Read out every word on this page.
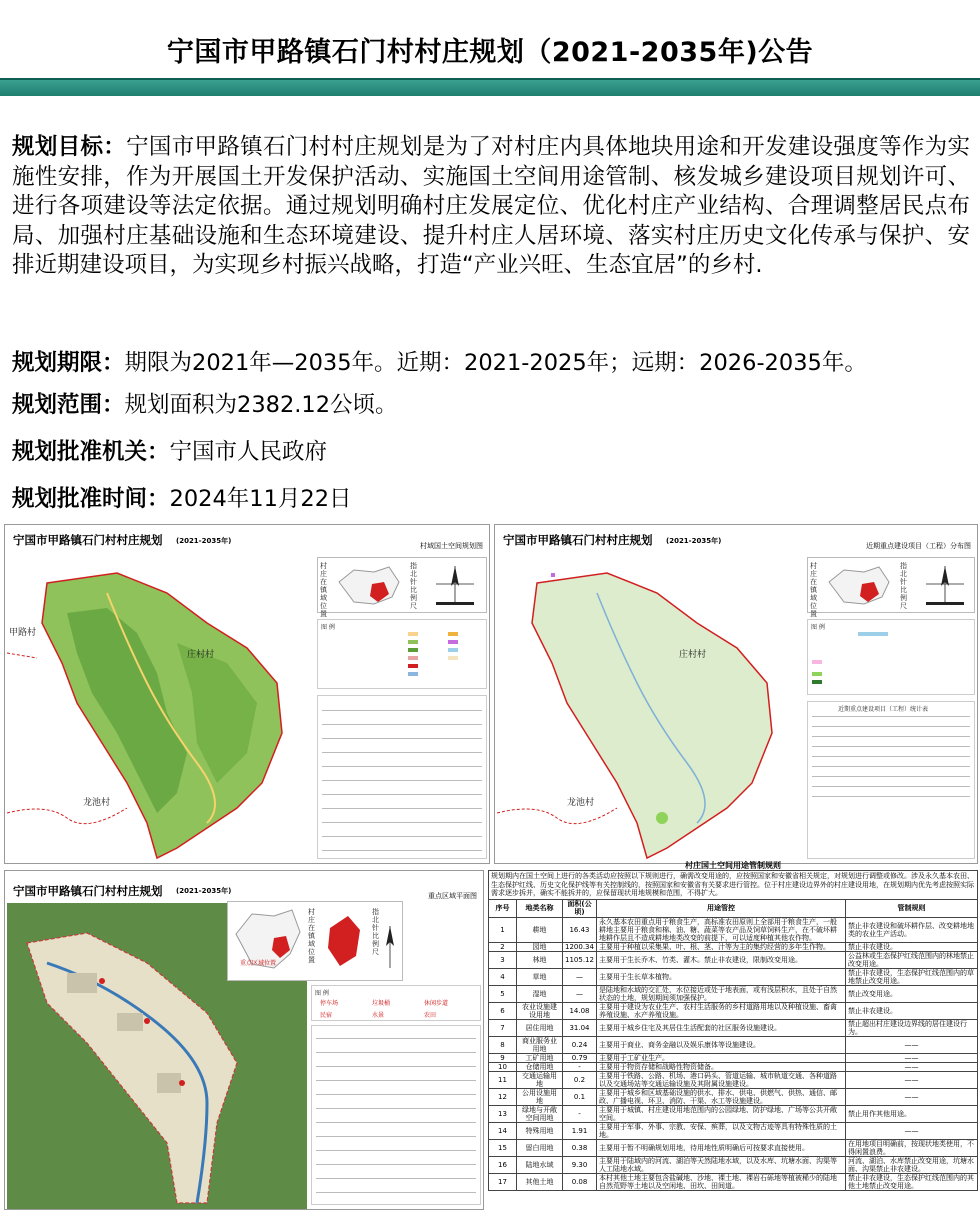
宁国市甲路镇石门村村庄规划（2021-2035年)公告
规划目标：宁国市甲路镇石门村村庄规划是为了对村庄内具体地块用途和开发建设强度等作为实施性安排，作为开展国土开发保护活动、实施国土空间用途管制、核发城乡建设项目规划许可、进行各项建设等法定依据。通过规划明确村庄发展定位、优化村庄产业结构、合理调整居民点布局、加强村庄基础设施和生态环境建设、提升村庄人居环境、落实村庄历史文化传承与保护、安排近期建设项目，为实现乡村振兴战略，打造“产业兴旺、生态宜居”的乡村.
规划期限：期限为2021年—2035年。近期：2021-2025年；远期：2026-2035年。
规划范围：规划面积为2382.12公顷。
规划批准机关：宁国市人民政府
规划批准时间：2024年11月22日
宁国市甲路镇石门村村庄规划 (2021-2035年)
村域国土空间规划图
甲路村
庄村村
龙池村
村庄在镇域位置
指北针比例尺
图 例
宁国市甲路镇石门村村庄规划 (2021-2035年)
近期重点建设项目（工程）分布图
庄村村
龙池村
村庄在镇域位置
指北针比例尺
图 例
近期重点建设项目（工程）统计表
宁国市甲路镇石门村村庄规划 (2021-2035年)
重点区域平面图
重点区域位置
村庄在镇域位置
指北针比例尺
图 例
停车场	垃圾桶	休闲步道
民宿	水景	农田
村庄国土空间用途管制规则
规划期内在国土空间上进行的各类活动应按照以下规则进行，确需改变用途的，应按照国家和安徽省相关规定，对规划进行调整或修改。涉及永久基本农田、生态保护红线、历史文化保护线等有关控制线的，按照国家和安徽省有关要求进行管控。位于村庄建设边界外的村庄建设用地，在规划期内优先考虑按照实际需求逐步拆并，确实不能拆并的，应保留现状用地规模和范围，不得扩大。
序号	地类名称	面积(公顷)	用途管控	管制规则
1	耕地	16.43	永久基本农田重点用于粮食生产，高标准农田原则上全部用于粮食生产，一般耕地主要用于粮食和棉、油、糖、蔬菜等农产品及饲草饲料生产，在不破坏耕地耕作层且不造成耕地地类改变的前提下，可以适度种植其他农作物。	禁止非农建设和破坏耕作层、改变耕地地类的农业生产活动。
2	园地	1200.34	主要用于种植以采集果、叶、根、茎、汁等为主的集约经营的多年生作物。	禁止非农建设。
3	林地	1105.12	主要用于生长乔木、竹类、灌木。禁止非农建设，限制改变用途。	公益林或生态保护红线范围内的林地禁止改变用途。
4	草地	—	主要用于生长草本植物。	禁止非农建设，生态保护红线范围内的草地禁止改变用途。
5	湿地	—	是陆地和水域的交汇处，水位接近或处于地表面，或有浅层积水，且处于自然状态的土地，规划期间须加强保护。	禁止改变用途。
6	农业设施建设用地	14.08	主要用于建设为农业生产、农村生活服务的乡村道路用地以及种植设施、畜禽养殖设施、水产养殖设施。	禁止非农建设。
7	居住用地	31.04	主要用于城乡住宅及其居住生活配套的社区服务设施建设。	禁止超出村庄建设边界线的居住建设行为。
8	商业服务业用地	0.24	主要用于商业、商务金融以及娱乐康体等设施建设。	——
9	工矿用地	0.79	主要用于工矿业生产。	——
10	仓储用地	-	主要用于物资存储和战略性物资储备。	——
11	交通运输用地	0.2	主要用于铁路、公路、机场、港口码头、管道运输、城市轨道交通、各种道路以及交通场站等交通运输设施及其附属设施建设。	——
12	公用设施用地	0.1	主要用于城乡和区域基础设施的供水、排水、供电、供燃气、供热、通信、邮政、广播电视、环卫、消防、干渠、水工等设施建设。	——
13	绿地与开敞空间用地	-	主要用于城镇、村庄建设用地范围内的公园绿地、防护绿地、广场等公共开敞空间。	禁止用作其他用途。
14	特殊用地	1.91	主要用于军事、外事、宗教、安保、殡葬，以及文物古迹等具有特殊性质的土地。	——
15	留白用地	0.38	主要用于暂不明确规划用地，待用地性质明确后可按要求直接使用。	在用地项目明确前，按现状地类使用，不得闲置浪费。
16	陆地水域	9.30	主要用于陆域内的河流、湖泊等天然陆地水域，以及水库、坑塘水面、沟渠等人工陆地水域。	河流、湖泊、水库禁止改变用途，坑塘水面、沟渠禁止非农建设。
17	其他土地	0.08	本村其他土地主要包含盐碱地、沙地、裸土地、裸岩石砾地等植被稀少的陆地自然荒野等土地以及空闲地、田坎、田间道。	禁止非农建设，生态保护红线范围内的其他土地禁止改变用途。
